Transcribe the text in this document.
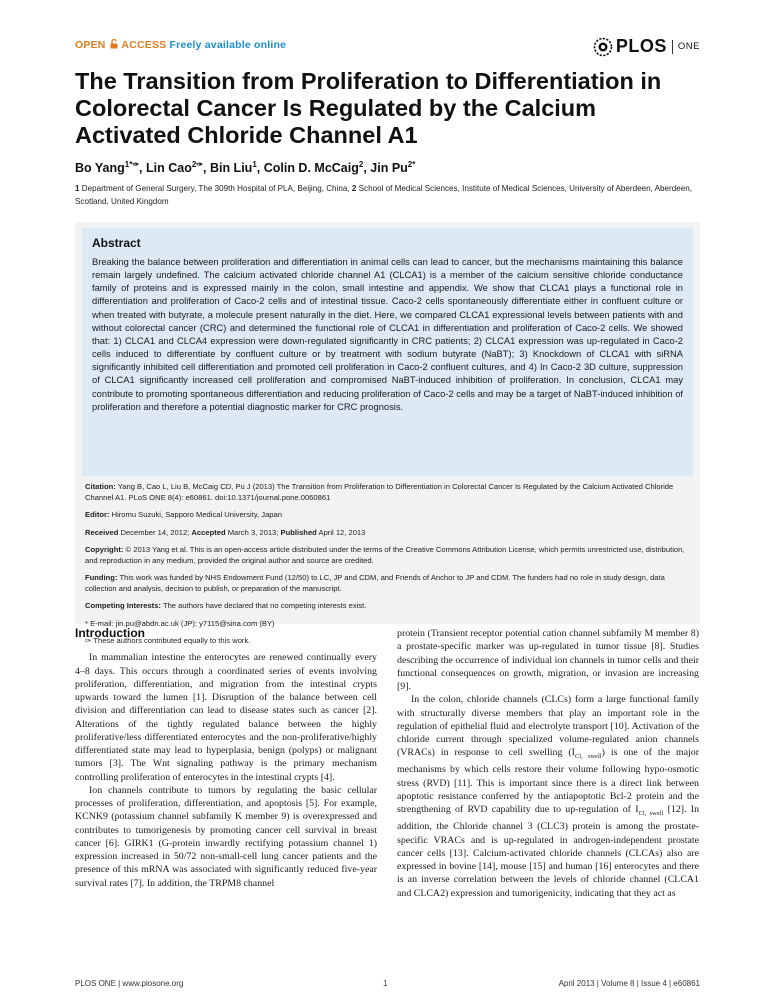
OPEN ACCESS Freely available online	PLOS ONE
The Transition from Proliferation to Differentiation in Colorectal Cancer Is Regulated by the Calcium Activated Chloride Channel A1
Bo Yang$^{1*✑}$, Lin Cao$^{2✑}$, Bin Liu$^1$, Colin D. McCaig$^2$, Jin $Pu^{2*}$
1 Department of General Surgery, The 309th Hospital of PLA, Beijing, China, 2 School of Medical Sciences, Institute of Medical Sciences, University of Aberdeen, Aberdeen, Scotland, United Kingdom
Abstract
Breaking the balance between proliferation and differentiation in animal cells can lead to cancer, but the mechanisms maintaining this balance remain largely undefined. The calcium activated chloride channel A1 (CLCA1) is a member of the calcium sensitive chloride conductance family of proteins and is expressed mainly in the colon, small intestine and appendix. We show that CLCA1 plays a functional role in differentiation and proliferation of Caco-2 cells and of intestinal tissue. Caco-2 cells spontaneously differentiate either in confluent culture or when treated with butyrate, a molecule present naturally in the diet. Here, we compared CLCA1 expressional levels between patients with and without colorectal cancer (CRC) and determined the functional role of CLCA1 in differentiation and proliferation of Caco-2 cells. We showed that: 1) CLCA1 and CLCA4 expression were down-regulated significantly in CRC patients; 2) CLCA1 expression was up-regulated in Caco-2 cells induced to differentiate by confluent culture or by treatment with sodium butyrate (NaBT); 3) Knockdown of CLCA1 with siRNA significantly inhibited cell differentiation and promoted cell proliferation in Caco-2 confluent cultures, and 4) In Caco-2 3D culture, suppression of CLCA1 significantly increased cell proliferation and compromised NaBT-induced inhibition of proliferation. In conclusion, CLCA1 may contribute to promoting spontaneous differentiation and reducing proliferation of Caco-2 cells and may be a target of NaBT-induced inhibition of proliferation and therefore a potential diagnostic marker for CRC prognosis.

Citation: Yang B, Cao L, Liu B, McCaig CD, Pu J (2013) The Transition from Proliferation to Differentiation in Colorectal Cancer Is Regulated by the Calcium Activated Chloride Channel A1. PLoS ONE 8(4): e60861. doi:10.1371/journal.pone.0060861

Editor: Hiromu Suzuki, Sapporo Medical University, Japan

Received December 14, 2012; Accepted March 3, 2013; Published April 12, 2013

Copyright: © 2013 Yang et al. This is an open-access article distributed under the terms of the Creative Commons Attribution License, which permits unrestricted use, distribution, and reproduction in any medium, provided the original author and source are credited.

Funding: This work was funded by NHS Endowment Fund (12/50) to LC, JP and CDM, and Friends of Anchor to JP and CDM. The funders had no role in study design, data collection and analysis, decision to publish, or preparation of the manuscript.

Competing Interests: The authors have declared that no competing interests exist.

* E-mail: jin.pu@abdn.ac.uk (JP); y7115@sina.com (BY)

✑ These authors contributed equally to this work.

Introduction

In mammalian intestine the enterocytes are renewed continually every 4–8 days. This occurs through a coordinated series of events involving proliferation, differentiation, and migration from the intestinal crypts upwards toward the lumen [1]. Disruption of the balance between cell division and differentiation can lead to disease states such as cancer [2]. Alterations of the tightly regulated balance between the highly proliferative/less differentiated enterocytes and the non-proliferative/highly differentiated state may lead to hyperplasia, benign (polyps) or malignant tumors [3]. The Wnt signaling pathway is the primary mechanism controlling proliferation of enterocytes in the intestinal crypts [4].

Ion channels contribute to tumors by regulating the basic cellular processes of proliferation, differentiation, and apoptosis [5]. For example, KCNK9 (potassium channel subfamily K member 9) is overexpressed and contributes to tumorigenesis by promoting cancer cell survival in breast cancer [6]. GIRK1 (G-protein inwardly rectifying potassium channel 1) expression increased in 50/72 non-small-cell lung cancer patients and the presence of this mRNA was associated with significantly reduced five-year survival rates [7]. In addition, the TRPM8 channel

protein (Transient receptor potential cation channel subfamily M member 8) a prostate-specific marker was up-regulated in tumor tissue [8]. Studies describing the occurrence of individual ion channels in tumor cells and their functional consequences on growth, migration, or invasion are increasing [9].

In the colon, chloride channels (CLCs) form a large functional family with structurally diverse members that play an important role in the regulation of epithelial fluid and electrolyte transport [10]. Activation of the chloride current through specialized volume-regulated anion channels (VRACs) in response to cell swelling $(I_{Cl, swell})$ is one of the major mechanisms by which cells restore their volume following hypo-osmotic stress (RVD) [11]. This is important since there is a direct link between apoptotic resistance conferred by the antiapoptotic Bcl-2 protein and the strengthening of RVD capability due to up-regulation of $I_{Cl, swell}$ [12]. In addition, the Chloride channel 3 (CLC3) protein is among the prostate-specific VRACs and is up-regulated in androgen-independent prostate cancer cells [13]. Calcium-activated chloride channels (CLCAs) also are expressed in bovine [14], mouse [15] and human [16] enterocytes and there is an inverse correlation between the levels of chloride channel (CLCA1 and CLCA2) expression and tumorigenicity, indicating that they act as

PLOS ONE | www.plosone.org	1	April 2013 | Volume 8 | Issue 4 | e60861
